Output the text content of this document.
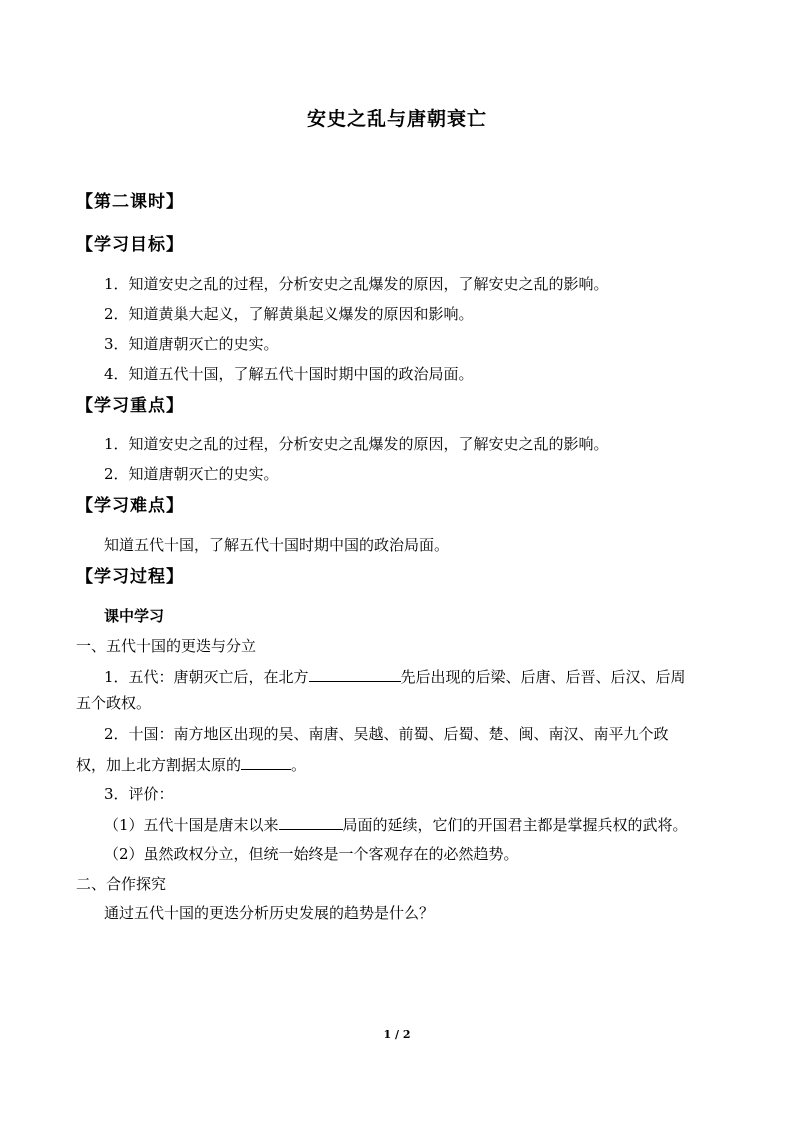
安史之乱与唐朝衰亡
【第二课时】
【学习目标】
1．知道安史之乱的过程，分析安史之乱爆发的原因，了解安史之乱的影响。
2．知道黄巢大起义，了解黄巢起义爆发的原因和影响。
3．知道唐朝灭亡的史实。
4．知道五代十国，了解五代十国时期中国的政治局面。
【学习重点】
1．知道安史之乱的过程，分析安史之乱爆发的原因，了解安史之乱的影响。
2．知道唐朝灭亡的史实。
【学习难点】
知道五代十国，了解五代十国时期中国的政治局面。
【学习过程】
课中学习
一、五代十国的更迭与分立
1．五代：唐朝灭亡后，在北方	先后出现的后梁、后唐、后晋、后汉、后周
五个政权。
2．十国：南方地区出现的吴、南唐、吴越、前蜀、后蜀、楚、闽、南汉、南平九个政
权，加上北方割据太原的	。
3．评价：
（1）五代十国是唐末以来	局面的延续，它们的开国君主都是掌握兵权的武将。
（2）虽然政权分立，但统一始终是一个客观存在的必然趋势。
二、合作探究
通过五代十国的更迭分析历史发展的趋势是什么？
1 / 2
